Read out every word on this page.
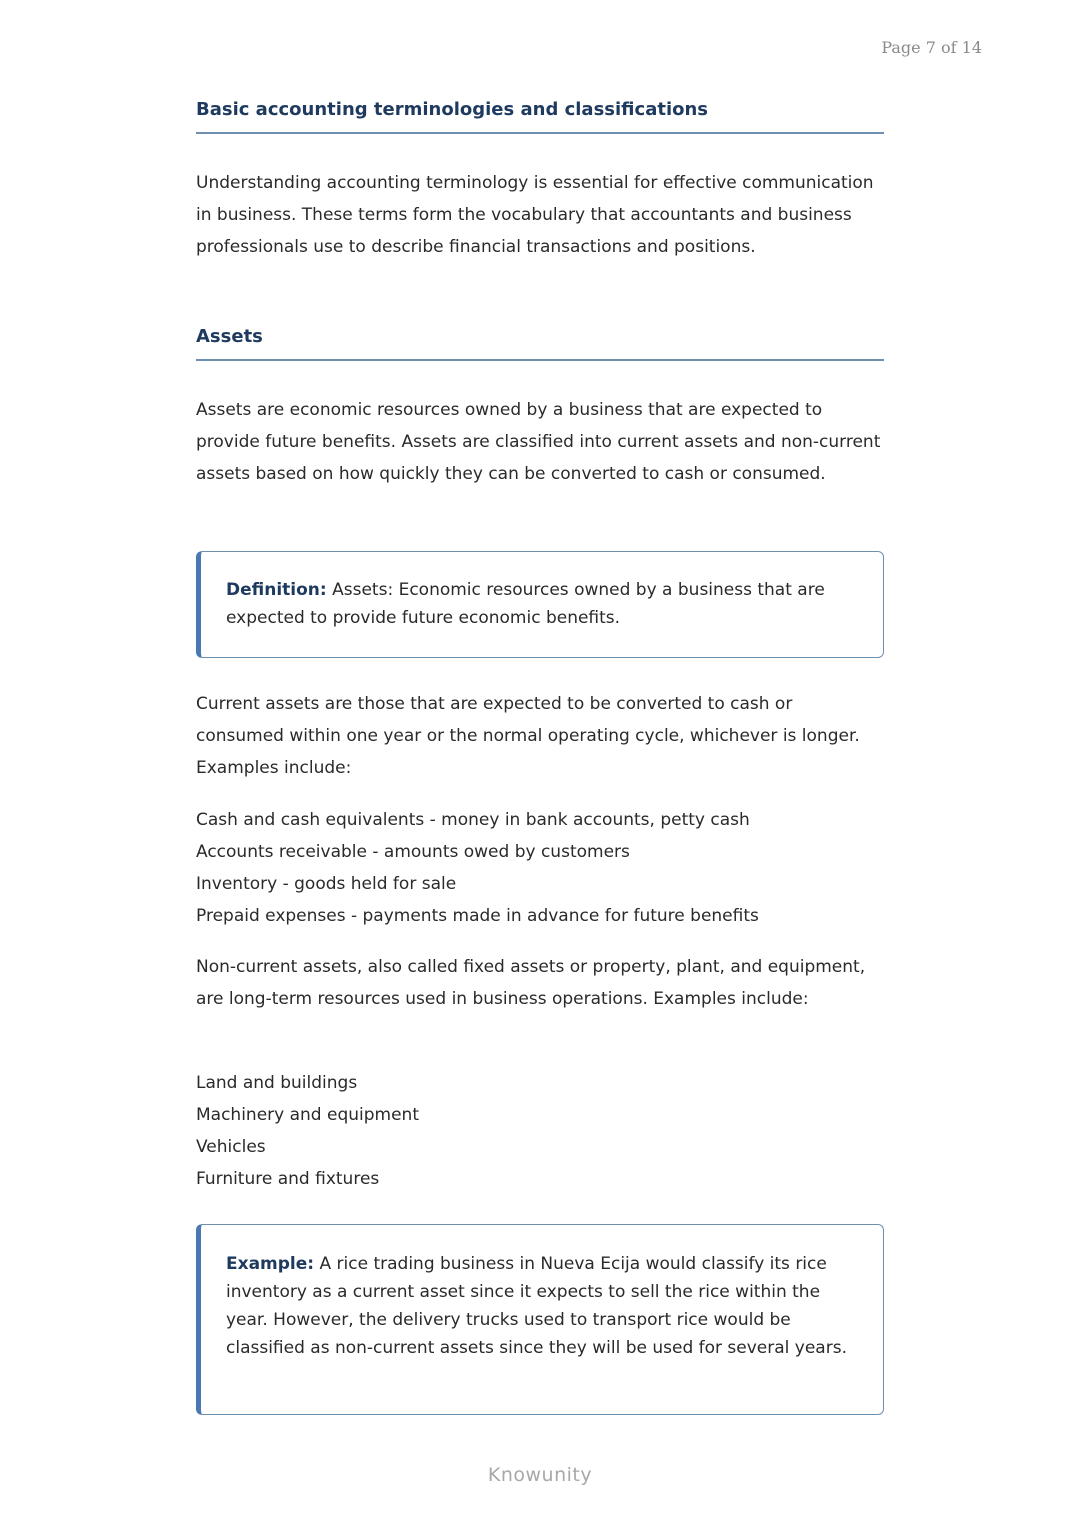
Page 7 of 14
Basic accounting terminologies and classifications

Understanding accounting terminology is essential for effective communication in business. These terms form the vocabulary that accountants and business professionals use to describe financial transactions and positions.

Assets

Assets are economic resources owned by a business that are expected to provide future benefits. Assets are classified into current assets and non-current assets based on how quickly they can be converted to cash or consumed.

Definition: Assets: Economic resources owned by a business that are expected to provide future economic benefits.

Current assets are those that are expected to be converted to cash or consumed within one year or the normal operating cycle, whichever is longer. Examples include:

Cash and cash equivalents - money in bank accounts, petty cash
Accounts receivable - amounts owed by customers
Inventory - goods held for sale
Prepaid expenses - payments made in advance for future benefits

Non-current assets, also called fixed assets or property, plant, and equipment, are long-term resources used in business operations. Examples include:

Land and buildings
Machinery and equipment
Vehicles
Furniture and fixtures
Example: A rice trading business in Nueva Ecija would classify its rice inventory as a current asset since it expects to sell the rice within the year. However, the delivery trucks used to transport rice would be classified as non-current assets since they will be used for several years.
Knowunity
